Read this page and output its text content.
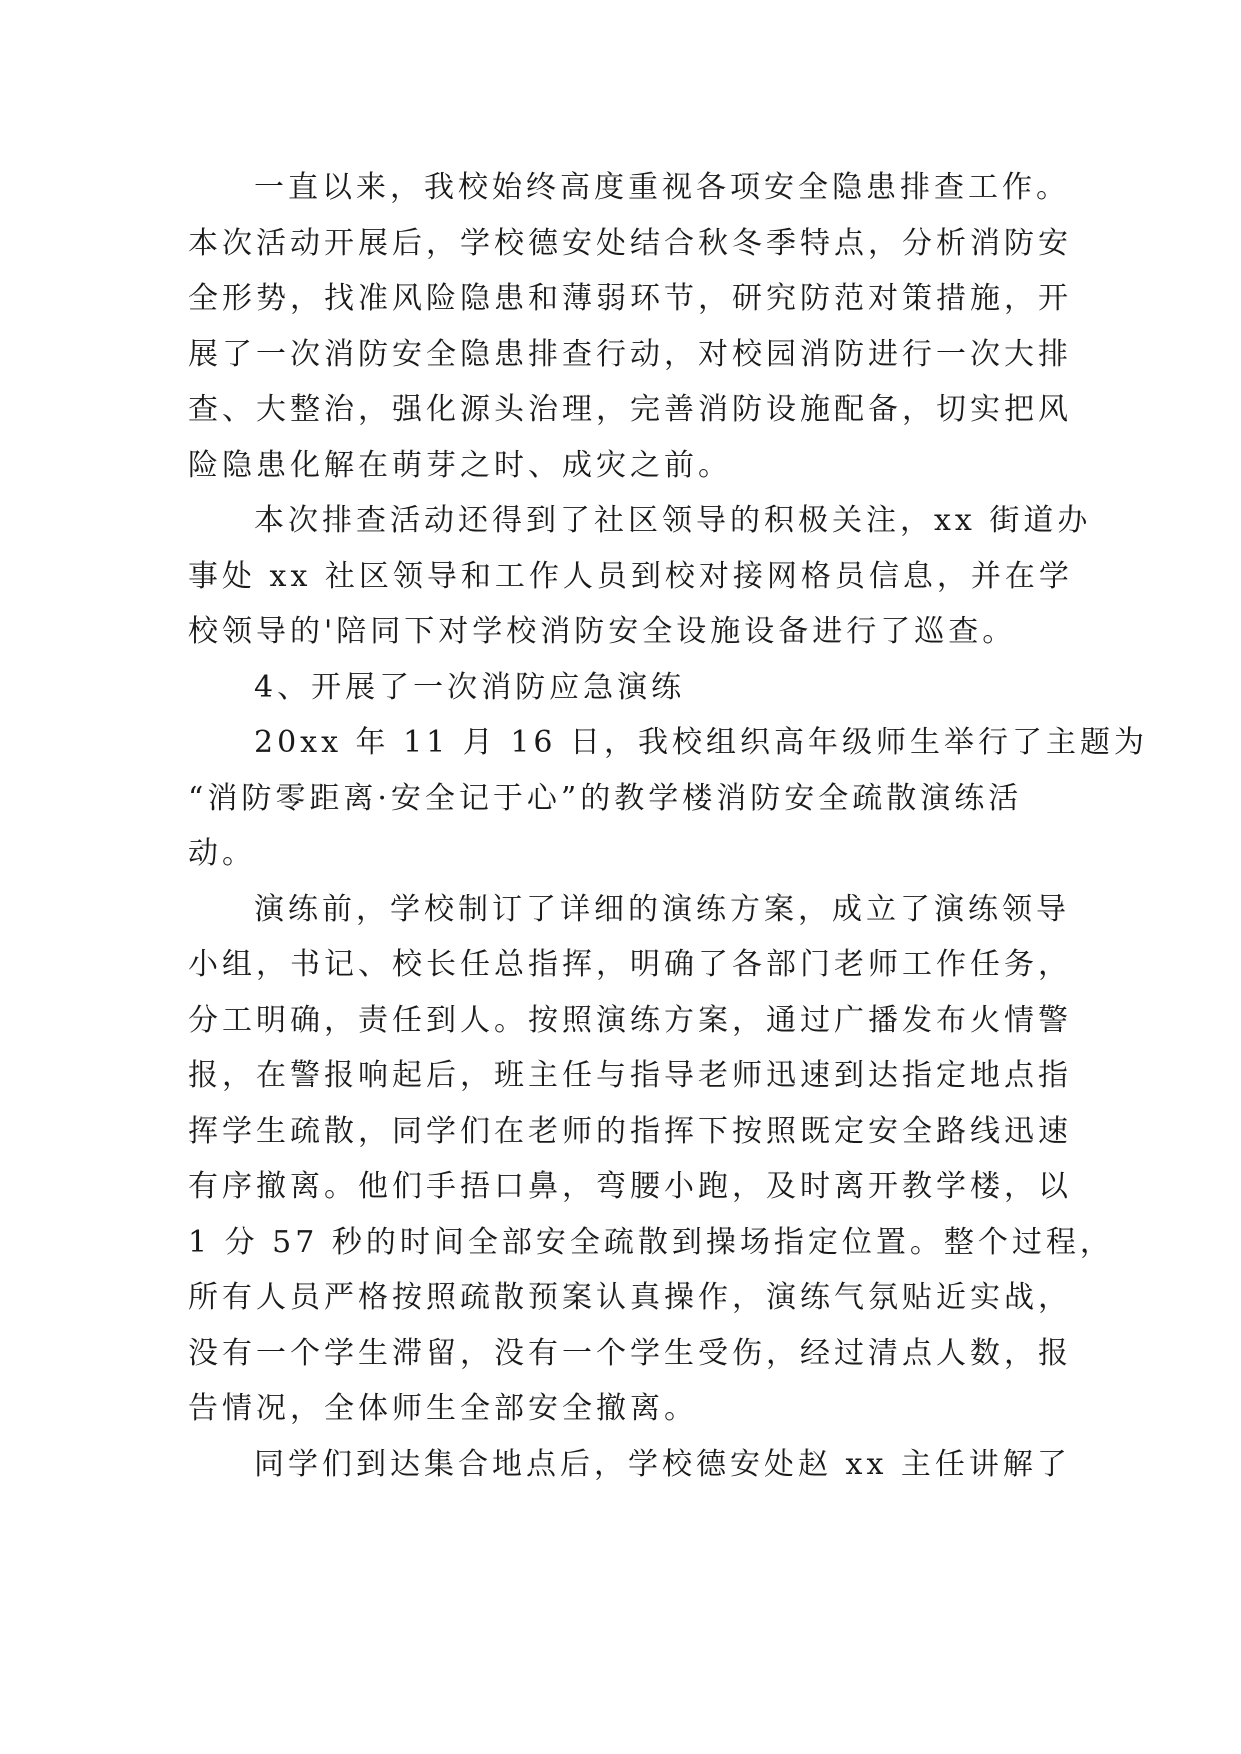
一直以来，我校始终高度重视各项安全隐患排查工作。
本次活动开展后，学校德安处结合秋冬季特点，分析消防安
全形势，找准风险隐患和薄弱环节，研究防范对策措施，开
展了一次消防安全隐患排查行动，对校园消防进行一次大排
查、大整治，强化源头治理，完善消防设施配备，切实把风
险隐患化解在萌芽之时、成灾之前。
本次排查活动还得到了社区领导的积极关注，xx 街道办
事处 xx 社区领导和工作人员到校对接网格员信息，并在学
校领导的'陪同下对学校消防安全设施设备进行了巡查。
4、开展了一次消防应急演练
20xx 年 11 月 16 日，我校组织高年级师生举行了主题为
“消防零距离·安全记于心”的教学楼消防安全疏散演练活
动。
演练前，学校制订了详细的演练方案，成立了演练领导
小组，书记、校长任总指挥，明确了各部门老师工作任务，
分工明确，责任到人。按照演练方案，通过广播发布火情警
报，在警报响起后，班主任与指导老师迅速到达指定地点指
挥学生疏散，同学们在老师的指挥下按照既定安全路线迅速
有序撤离。他们手捂口鼻，弯腰小跑，及时离开教学楼，以
1 分 57 秒的时间全部安全疏散到操场指定位置。整个过程，
所有人员严格按照疏散预案认真操作，演练气氛贴近实战，
没有一个学生滞留，没有一个学生受伤，经过清点人数，报
告情况，全体师生全部安全撤离。
同学们到达集合地点后，学校德安处赵 xx 主任讲解了
